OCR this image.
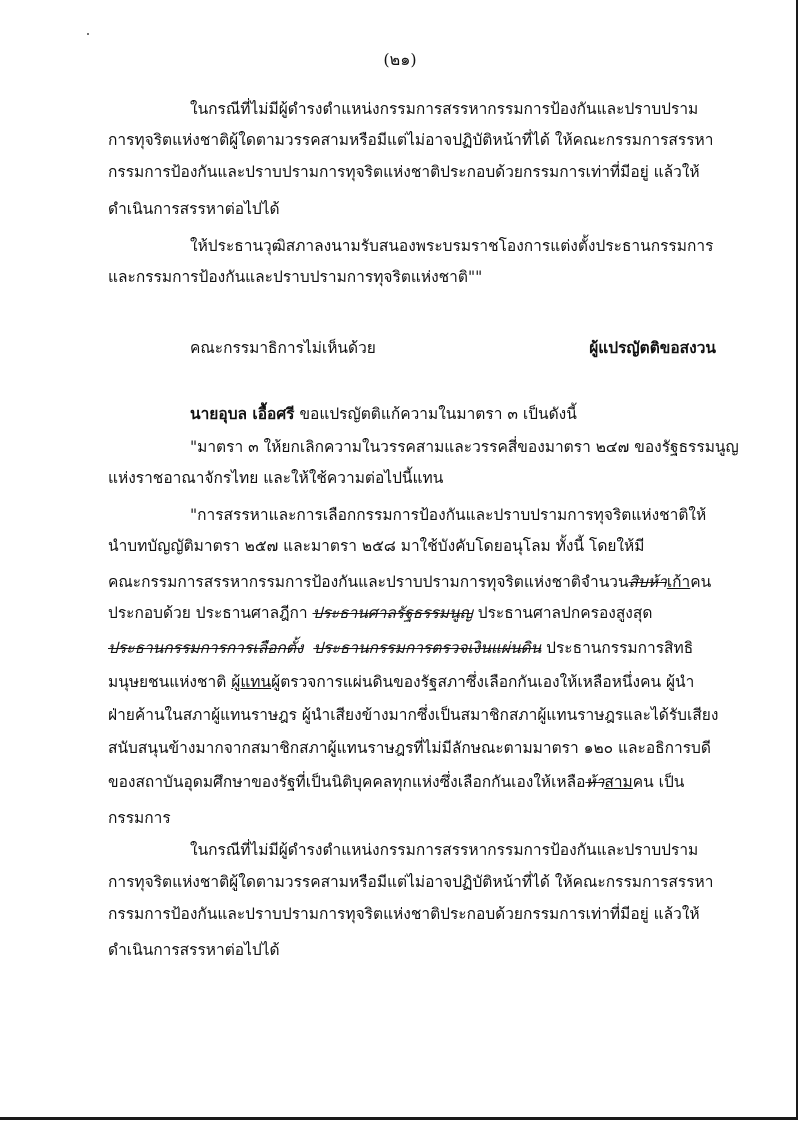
(๒๑)
ในกรณีที่ไม่มีผู้ดำรงตำแหน่งกรรมการสรรหากรรมการป้องกันและปราบปราม
การทุจริตแห่งชาติผู้ใดตามวรรคสามหรือมีแต่ไม่อาจปฏิบัติหน้าที่ได้ ให้คณะกรรมการสรรหา
กรรมการป้องกันและปราบปรามการทุจริตแห่งชาติประกอบด้วยกรรมการเท่าที่มีอยู่ แล้วให้
ดำเนินการสรรหาต่อไปได้
ให้ประธานวุฒิสภาลงนามรับสนองพระบรมราชโองการแต่งตั้งประธานกรรมการ
และกรรมการป้องกันและปราบปรามการทุจริตแห่งชาติ""
คณะกรรมาธิการไม่เห็นด้วย	ผู้แปรญัตติขอสงวน
นายอุบล เอื้อศรี ขอแปรญัตติแก้ความในมาตรา ๓ เป็นดังนี้
"มาตรา ๓ ให้ยกเลิกความในวรรคสามและวรรคสี่ของมาตรา ๒๔๗ ของรัฐธรรมนูญ
แห่งราชอาณาจักรไทย และให้ใช้ความต่อไปนี้แทน
"การสรรหาและการเลือกกรรมการป้องกันและปราบปรามการทุจริตแห่งชาติให้
นำบทบัญญัติมาตรา ๒๕๗ และมาตรา ๒๕๘ มาใช้บังคับโดยอนุโลม ทั้งนี้ โดยให้มี
คณะกรรมการสรรหากรรมการป้องกันและปราบปรามการทุจริตแห่งชาติจำนวนสิบห้าเก้าคน
ประกอบด้วย ประธานศาลฎีกา ประธานศาลรัฐธรรมนูญ ประธานศาลปกครองสูงสุด
ประธานกรรมการการเลือกตั้ง ประธานกรรมการตรวจเงินแผ่นดิน ประธานกรรมการสิทธิ
มนุษยชนแห่งชาติ ผู้แทนผู้ตรวจการแผ่นดินของรัฐสภาซึ่งเลือกกันเองให้เหลือหนึ่งคน ผู้นำ
ฝ่ายค้านในสภาผู้แทนราษฎร ผู้นำเสียงข้างมากซึ่งเป็นสมาชิกสภาผู้แทนราษฎรและได้รับเสียง
สนับสนุนข้างมากจากสมาชิกสภาผู้แทนราษฎรที่ไม่มีลักษณะตามมาตรา ๑๒๐ และอธิการบดี
ของสถาบันอุดมศึกษาของรัฐที่เป็นนิติบุคคลทุกแห่งซึ่งเลือกกันเองให้เหลือห้าสามคน เป็น
กรรมการ
ในกรณีที่ไม่มีผู้ดำรงตำแหน่งกรรมการสรรหากรรมการป้องกันและปราบปราม
การทุจริตแห่งชาติผู้ใดตามวรรคสามหรือมีแต่ไม่อาจปฏิบัติหน้าที่ได้ ให้คณะกรรมการสรรหา
กรรมการป้องกันและปราบปรามการทุจริตแห่งชาติประกอบด้วยกรรมการเท่าที่มีอยู่ แล้วให้
ดำเนินการสรรหาต่อไปได้
